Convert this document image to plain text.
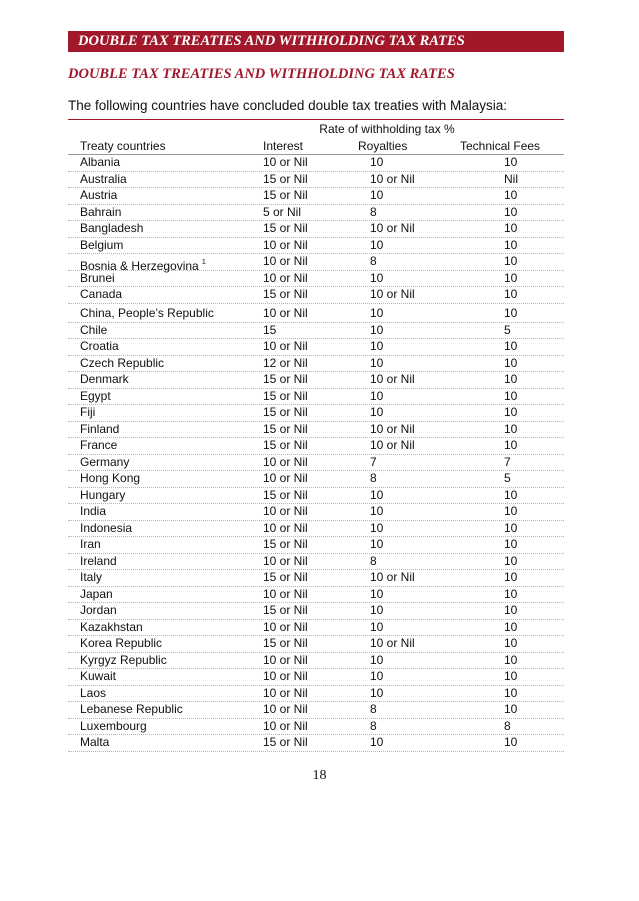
DOUBLE TAX TREATIES AND WITHHOLDING TAX RATES
DOUBLE TAX TREATIES AND WITHHOLDING TAX RATES
The following countries have concluded double tax treaties with Malaysia:
Rate of withholding tax %
Treaty countries	Interest	Royalties	Technical Fees
Albania	10 or Nil	10	10
Australia	15 or Nil	10 or Nil	Nil
Austria	15 or Nil	10	10
Bahrain	5 or Nil	8	10
Bangladesh	15 or Nil	10 or Nil	10
Belgium	10 or Nil	10	10
Bosnia & Herzegovina $^1$	10 or Nil	8	10
Brunei	10 or Nil	10	10
Canada	15 or Nil	10 or Nil	10
China, People’s Republic	10 or Nil	10	10
Chile	15	10	5
Croatia	10 or Nil	10	10
Czech Republic	12 or Nil	10	10
Denmark	15 or Nil	10 or Nil	10
Egypt	15 or Nil	10	10
Fiji	15 or Nil	10	10
Finland	15 or Nil	10 or Nil	10
France	15 or Nil	10 or Nil	10
Germany	10 or Nil	7	7
Hong Kong	10 or Nil	8	5
Hungary	15 or Nil	10	10
India	10 or Nil	10	10
Indonesia	10 or Nil	10	10
Iran	15 or Nil	10	10
Ireland	10 or Nil	8	10
Italy	15 or Nil	10 or Nil	10
Japan	10 or Nil	10	10
Jordan	15 or Nil	10	10
Kazakhstan	10 or Nil	10	10
Korea Republic	15 or Nil	10 or Nil	10
Kyrgyz Republic	10 or Nil	10	10
Kuwait	10 or Nil	10	10
Laos	10 or Nil	10	10
Lebanese Republic	10 or Nil	8	10
Luxembourg	10 or Nil	8	8
Malta	15 or Nil	10	10
18
